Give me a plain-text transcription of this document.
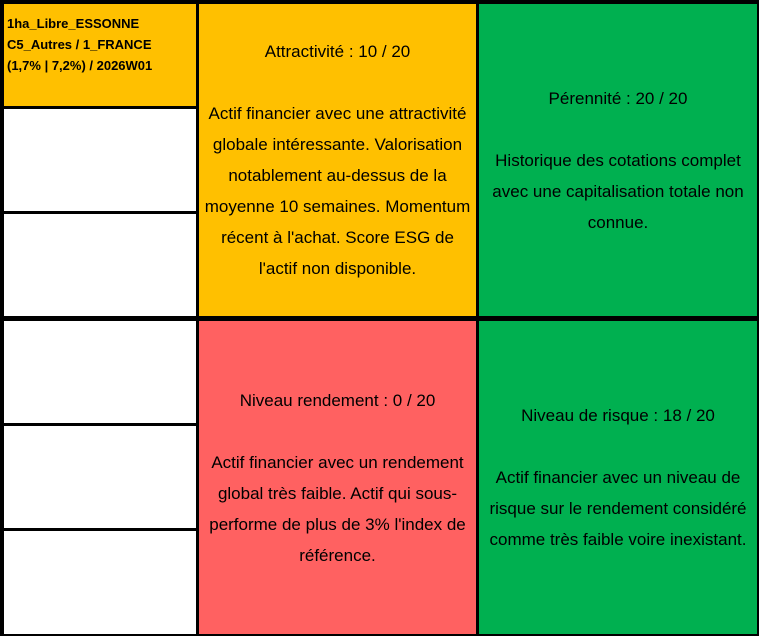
1ha_Libre_ESSONNE
C5_Autres / 1_FRANCE
(1,7% | 7,2%) / 2026W01
Attractivité : 10 / 20
Actif financier avec une attractivité globale intéressante. Valorisation notablement au-dessus de la moyenne 10 semaines. Momentum récent à l'achat. Score ESG de l'actif non disponible.
Pérennité : 20 / 20
Historique des cotations complet avec une capitalisation totale non connue.
Niveau rendement : 0 / 20
Actif financier avec un rendement global très faible. Actif qui sous-performe de plus de 3% l'index de référence.
Niveau de risque : 18 / 20
Actif financier avec un niveau de risque sur le rendement considéré comme très faible voire inexistant.
